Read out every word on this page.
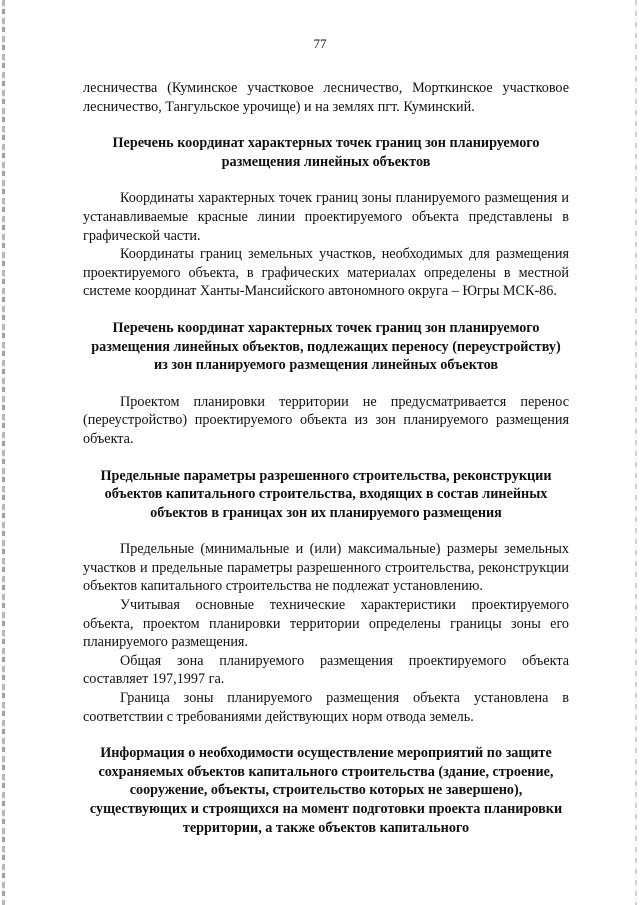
77

лесничества (Куминское участковое лесничество, Морткинское участковое лесничество, Тангульское урочище) и на землях пгт. Куминский.

Перечень координат характерных точек границ зон планируемого размещения линейных объектов

Координаты характерных точек границ зоны планируемого размещения и устанавливаемые красные линии проектируемого объекта представлены в графической части.

Координаты границ земельных участков, необходимых для размещения проектируемого объекта, в графических материалах определены в местной системе координат Ханты-Мансийского автономного округа – Югры МСК-86.

Перечень координат характерных точек границ зон планируемого размещения линейных объектов, подлежащих переносу (переустройству) из зон планируемого размещения линейных объектов

Проектом планировки территории не предусматривается перенос (переустройство) проектируемого объекта из зон планируемого размещения объекта.

Предельные параметры разрешенного строительства, реконструкции объектов капитального строительства, входящих в состав линейных объектов в границах зон их планируемого размещения

Предельные (минимальные и (или) максимальные) размеры земельных участков и предельные параметры разрешенного строительства, реконструкции объектов капитального строительства не подлежат установлению.

Учитывая основные технические характеристики проектируемого объекта, проектом планировки территории определены границы зоны его планируемого размещения.

Общая зона планируемого размещения проектируемого объекта составляет 197,1997 га.

Граница зоны планируемого размещения объекта установлена в соответствии с требованиями действующих норм отвода земель.

Информация о необходимости осуществление мероприятий по защите сохраняемых объектов капитального строительства (здание, строение, сооружение, объекты, строительство которых не завершено), существующих и строящихся на момент подготовки проекта планировки территории, а также объектов капитального
